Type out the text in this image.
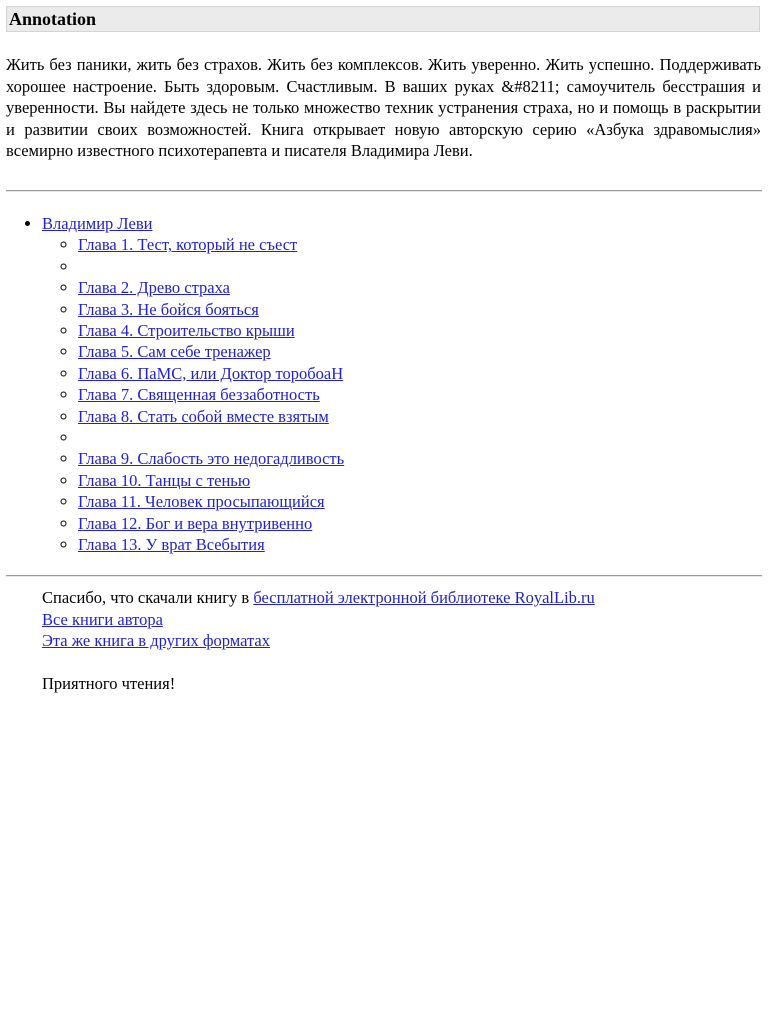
Annotation

Жить без паники, жить без страхов. Жить без комплексов. Жить уверенно. Жить успешно. Поддерживать хорошее настроение. Быть здоровым. Счастливым. В ваших руках &#8211; самоучитель бесстрашия и уверенности. Вы найдете здесь не только множество техник устранения страха, но и помощь в раскрытии и развитии своих возможностей. Книга открывает новую авторскую серию «Азбука здравомыслия» всемирно известного психотерапевта и писателя Владимира Леви.

• Владимир Леви
◦ Глава 1. Тест, который не съест
◦
◦ Глава 2. Древо страха
◦ Глава 3. Не бойся бояться
◦ Глава 4. Строительство крыши
◦ Глава 5. Сам себе тренажер
◦ Глава 6. ПаМС, или Доктор торобоаН
◦ Глава 7. Священная беззаботность
◦ Глава 8. Стать собой вместе взятым
◦
◦ Глава 9. Слабость это недогадливость
◦ Глава 10. Танцы с тенью
◦ Глава 11. Человек просыпающийся
◦ Глава 12. Бог и вера внутривенно
◦ Глава 13. У врат Всебытия
Спасибо, что скачали книгу в бесплатной электронной библиотеке RoyalLib.ru
Все книги автора
Эта же книга в других форматах
Приятного чтения!
